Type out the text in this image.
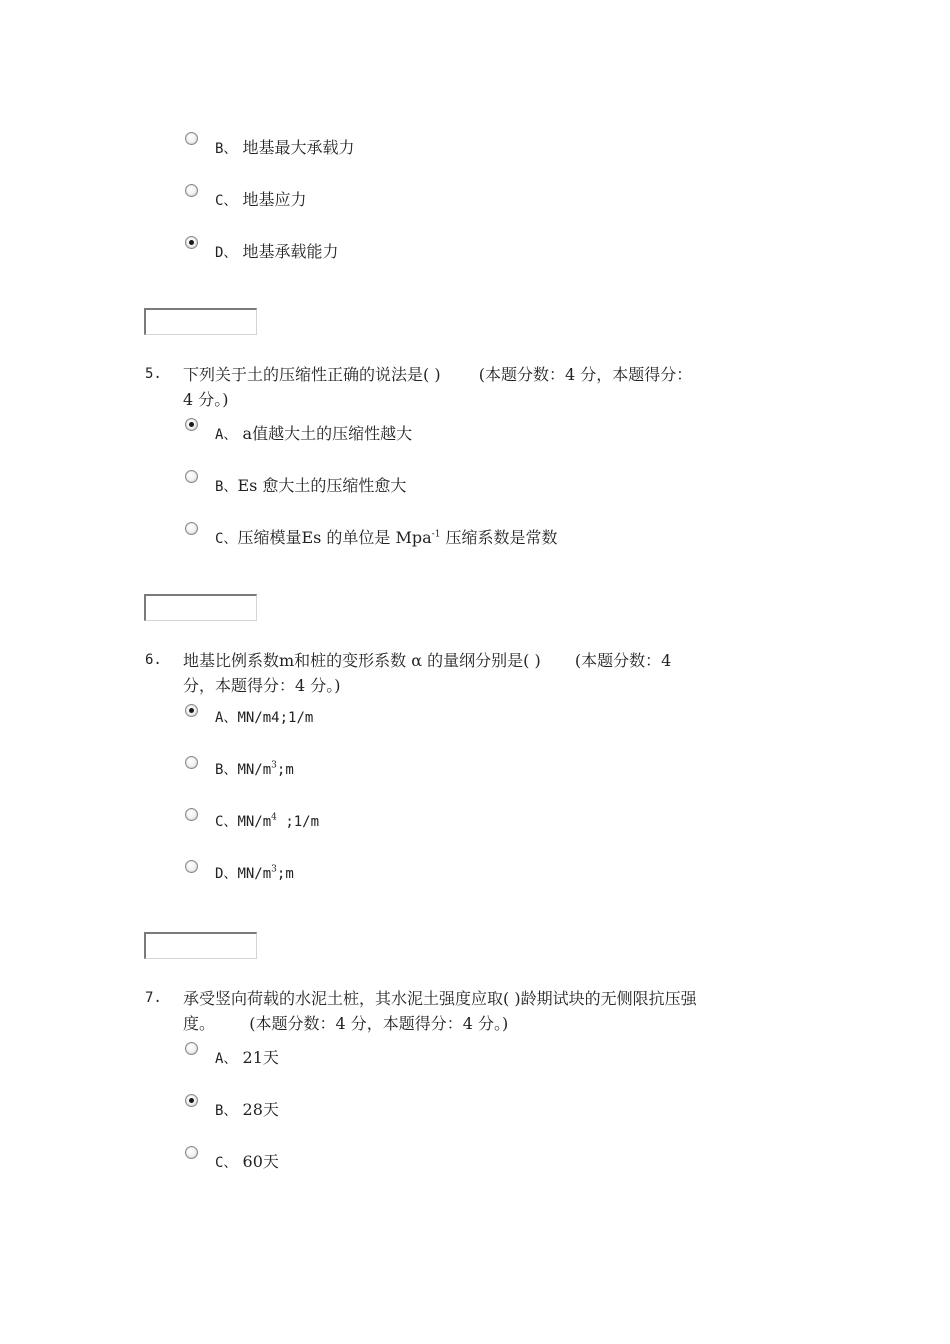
B、 地基最大承载力
C、 地基应力
D、 地基承载能力
5. 下列关于土的压缩性正确的说法是( ) (本题分数：4 分，本题得分：
4 分。)
A、 a值越大土的压缩性越大
B、Es 愈大土的压缩性愈大
C、压缩模量Es 的单位是 Mpa$^{-1}$ 压缩系数是常数
6. 地基比例系数m和桩的变形系数 α 的量纲分别是( ) (本题分数：4
分，本题得分：4 分。)
A、MN/m4;1/m
B、$MN/m^3;m$
C、$MN/m^4$ ;1/m
D、$MN/m^3;m$
7. 承受竖向荷载的水泥土桩，其水泥土强度应取( )龄期试块的无侧限抗压强
度。 (本题分数：4 分，本题得分：4 分。)
A、 21天
B、 28天
C、 60天
